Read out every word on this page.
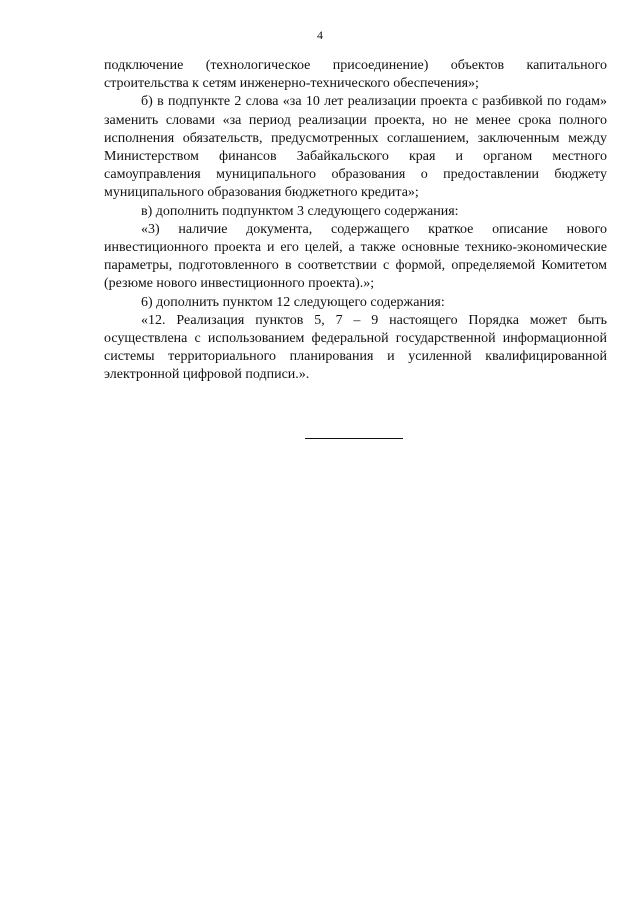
4

подключение (технологическое присоединение) объектов капитального строительства к сетям инженерно-технического обеспечения»;

б) в подпункте 2 слова «за 10 лет реализации проекта с разбивкой по годам» заменить словами «за период реализации проекта, но не менее срока полного исполнения обязательств, предусмотренных соглашением, заключенным между Министерством финансов Забайкальского края и органом местного самоуправления муниципального образования о предоставлении бюджету муниципального образования бюджетного кредита»;

в) дополнить подпунктом 3 следующего содержания:

«3) наличие документа, содержащего краткое описание нового инвестиционного проекта и его целей, а также основные технико-экономические параметры, подготовленного в соответствии с формой, определяемой Комитетом (резюме нового инвестиционного проекта).»;

6) дополнить пунктом 12 следующего содержания:

«12. Реализация пунктов 5, 7 – 9 настоящего Порядка может быть осуществлена с использованием федеральной государственной информационной системы территориального планирования и усиленной квалифицированной электронной цифровой подписи.».
